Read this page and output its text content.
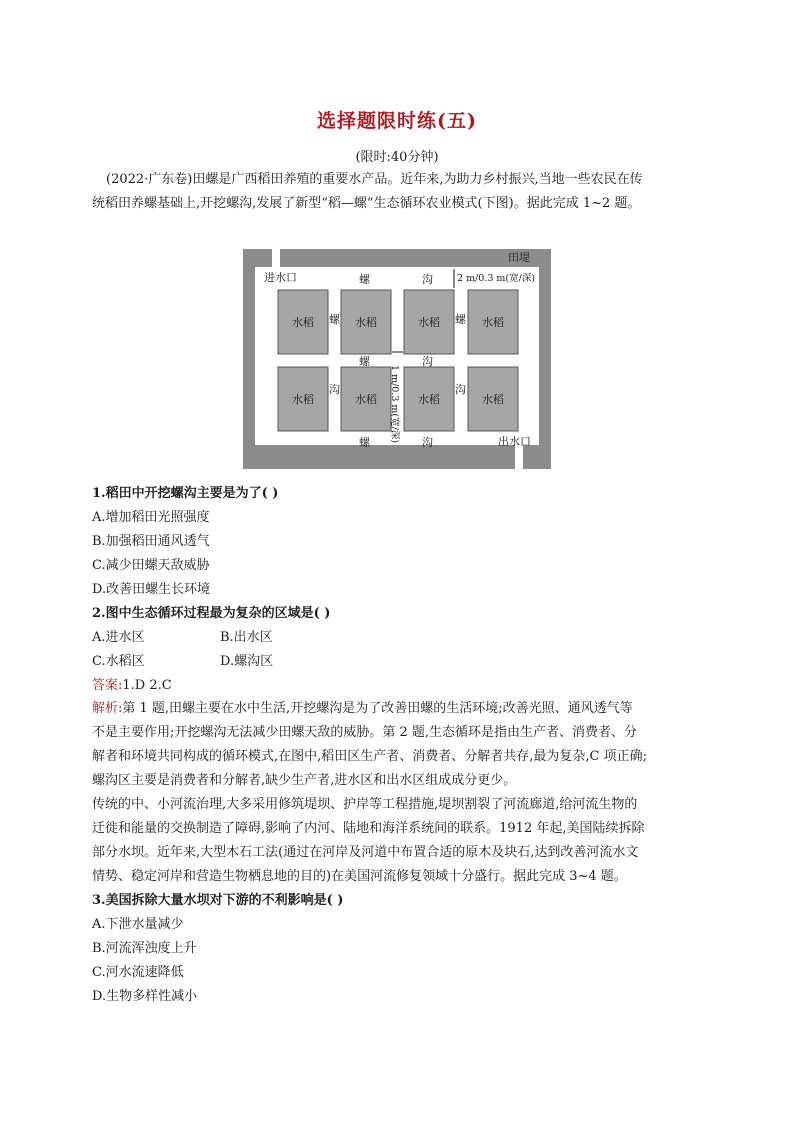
选择题限时练(五)
(限时:40分钟)
(2022·广东卷)田螺是广西稻田养殖的重要水产品。近年来,为助力乡村振兴,当地一些农民在传
统稻田养螺基础上,开挖螺沟,发展了新型“稻—螺”生态循环农业模式(下图)。据此完成 1~2 题。
水稻	水稻	水稻	水稻
水稻	水稻	水稻	水稻
田堤
进水口
出水口
螺	沟
螺	螺
螺	沟
沟	沟
螺	沟
2 m/0.3 m(宽/深)
1 m/0.3 m(宽/深)
1.稻田中开挖螺沟主要是为了( )
A.增加稻田光照强度
B.加强稻田通风透气
C.减少田螺天敌威胁
D.改善田螺生长环境
2.图中生态循环过程最为复杂的区域是( )
A.进水区	B.出水区
C.水稻区	D.螺沟区
答案:1.D 2.C
解析:第 1 题,田螺主要在水中生活,开挖螺沟是为了改善田螺的生活环境;改善光照、通风透气等
不是主要作用;开挖螺沟无法减少田螺天敌的威胁。第 2 题,生态循环是指由生产者、消费者、分
解者和环境共同构成的循环模式,在图中,稻田区生产者、消费者、分解者共存,最为复杂,C 项正确;
螺沟区主要是消费者和分解者,缺少生产者,进水区和出水区组成成分更少。
传统的中、小河流治理,大多采用修筑堤坝、护岸等工程措施,堤坝割裂了河流廊道,给河流生物的
迁徙和能量的交换制造了障碍,影响了内河、陆地和海洋系统间的联系。1912 年起,美国陆续拆除
部分水坝。近年来,大型木石工法(通过在河岸及河道中布置合适的原木及块石,达到改善河流水文
情势、稳定河岸和营造生物栖息地的目的)在美国河流修复领域十分盛行。据此完成 3~4 题。
3.美国拆除大量水坝对下游的不利影响是( )
A.下泄水量减少
B.河流浑浊度上升
C.河水流速降低
D.生物多样性减小
